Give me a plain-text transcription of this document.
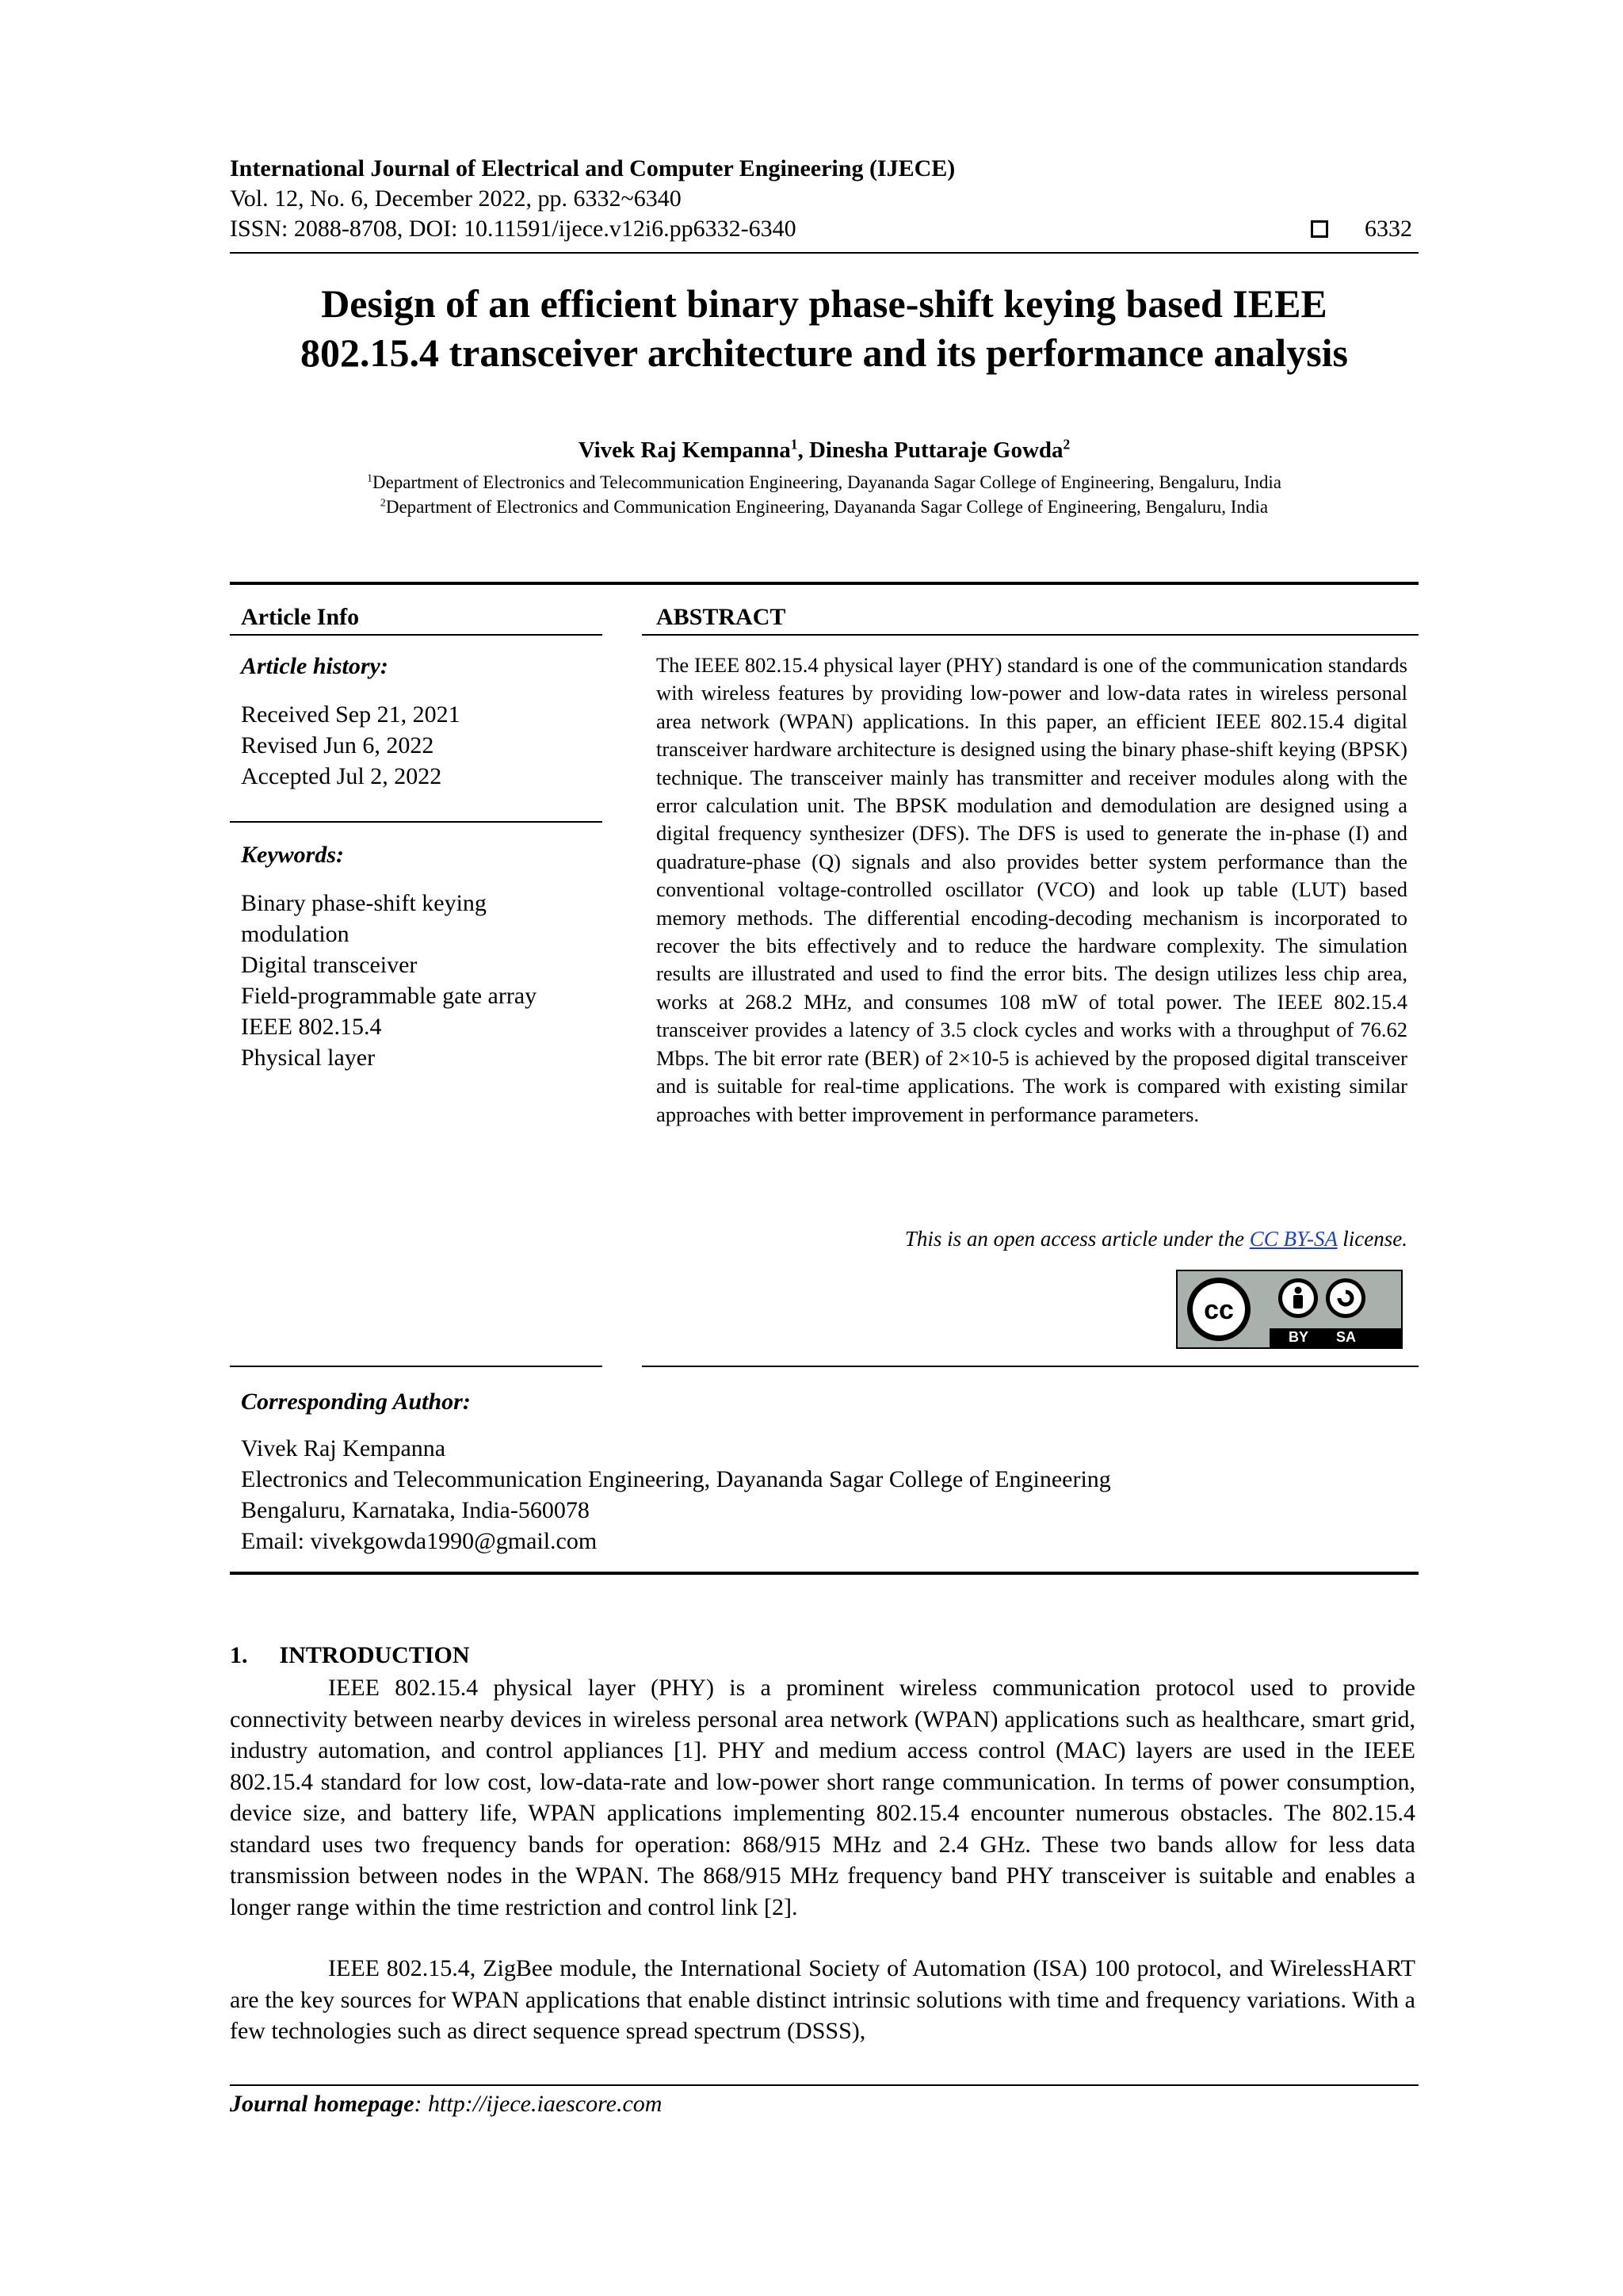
International Journal of Electrical and Computer Engineering (IJECE)
Vol. 12, No. 6, December 2022, pp. 6332~6340
ISSN: 2088-8708, DOI: 10.11591/ijece.v12i6.pp6332-6340	6332
Design of an efficient binary phase-shift keying based IEEE
802.15.4 transceiver architecture and its performance analysis
Vivek Raj Kempanna$^1$, Dinesha Puttaraje Gowda$^2$
$^1$Department of Electronics and Telecommunication Engineering, Dayananda Sagar College of Engineering, Bengaluru, India
$^2$Department of Electronics and Communication Engineering, Dayananda Sagar College of Engineering, Bengaluru, India
Article Info
Article history:
Received Sep 21, 2021
Revised Jun 6, 2022
Accepted Jul 2, 2022
Keywords:
Binary phase-shift keying
modulation
Digital transceiver
Field-programmable gate array
IEEE 802.15.4
Physical layer
ABSTRACT
The IEEE 802.15.4 physical layer (PHY) standard is one of the communication standards with wireless features by providing low-power and low-data rates in wireless personal area network (WPAN) applications. In this paper, an efficient IEEE 802.15.4 digital transceiver hardware architecture is designed using the binary phase-shift keying (BPSK) technique. The transceiver mainly has transmitter and receiver modules along with the error calculation unit. The BPSK modulation and demodulation are designed using a digital frequency synthesizer (DFS). The DFS is used to generate the in-phase (I) and quadrature-phase (Q) signals and also provides better system performance than the conventional voltage-controlled oscillator (VCO) and look up table (LUT) based memory methods. The differential encoding-decoding mechanism is incorporated to recover the bits effectively and to reduce the hardware complexity. The simulation results are illustrated and used to find the error bits. The design utilizes less chip area, works at 268.2 MHz, and consumes 108 mW of total power. The IEEE 802.15.4 transceiver provides a latency of 3.5 clock cycles and works with a throughput of 76.62 Mbps. The bit error rate (BER) of 2×10-5 is achieved by the proposed digital transceiver and is suitable for real-time applications. The work is compared with existing similar approaches with better improvement in performance parameters.
This is an open access article under the CC BY-SA license.
cc
BY SA
Corresponding Author:
Vivek Raj Kempanna
Electronics and Telecommunication Engineering, Dayananda Sagar College of Engineering
Bengaluru, Karnataka, India-560078
Email: vivekgowda1990@gmail.com
1. INTRODUCTION
IEEE 802.15.4 physical layer (PHY) is a prominent wireless communication protocol used to provide connectivity between nearby devices in wireless personal area network (WPAN) applications such as healthcare, smart grid, industry automation, and control appliances [1]. PHY and medium access control (MAC) layers are used in the IEEE 802.15.4 standard for low cost, low-data-rate and low-power short range communication. In terms of power consumption, device size, and battery life, WPAN applications implementing 802.15.4 encounter numerous obstacles. The 802.15.4 standard uses two frequency bands for operation: 868/915 MHz and 2.4 GHz. These two bands allow for less data transmission between nodes in the WPAN. The 868/915 MHz frequency band PHY transceiver is suitable and enables a longer range within the time restriction and control link [2].
IEEE 802.15.4, ZigBee module, the International Society of Automation (ISA) 100 protocol, and WirelessHART are the key sources for WPAN applications that enable distinct intrinsic solutions with time and frequency variations. With a few technologies such as direct sequence spread spectrum (DSSS),
Journal homepage: http://ijece.iaescore.com
